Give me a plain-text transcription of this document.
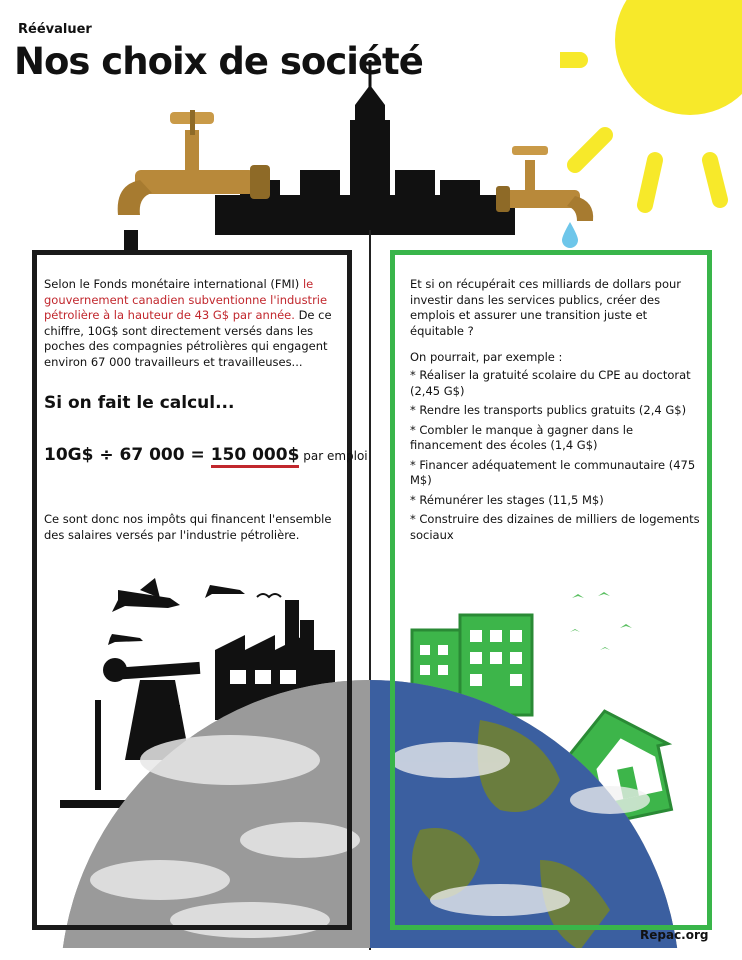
Réévaluer
Nos choix de société
Selon le Fonds monétaire international (FMI) le gouvernement canadien subventionne l'industrie pétrolière à la hauteur de 43 G$ par année. De ce chiffre, 10G$ sont directement versés dans les poches des compagnies pétrolières qui engagent environ 67 000 travailleurs et travailleuses...
Si on fait le calcul...
10G$ ÷ 67 000 = 150 000$ par emploi
Ce sont donc nos impôts qui financent l'ensemble des salaires versés par l'industrie pétrolière.
Et si on récupérait ces milliards de dollars pour investir dans les services publics, créer des emplois et assurer une transition juste et équitable ?
On pourrait, par exemple :
* Réaliser la gratuité scolaire du CPE au doctorat (2,45 G$)
* Rendre les transports publics gratuits (2,4 G$)
* Combler le manque à gagner dans le financement des écoles (1,4 G$)
* Financer adéquatement le communautaire (475 M$)
* Rémunérer les stages (11,5 M$)
* Construire des dizaines de milliers de logements sociaux
Repac.org
